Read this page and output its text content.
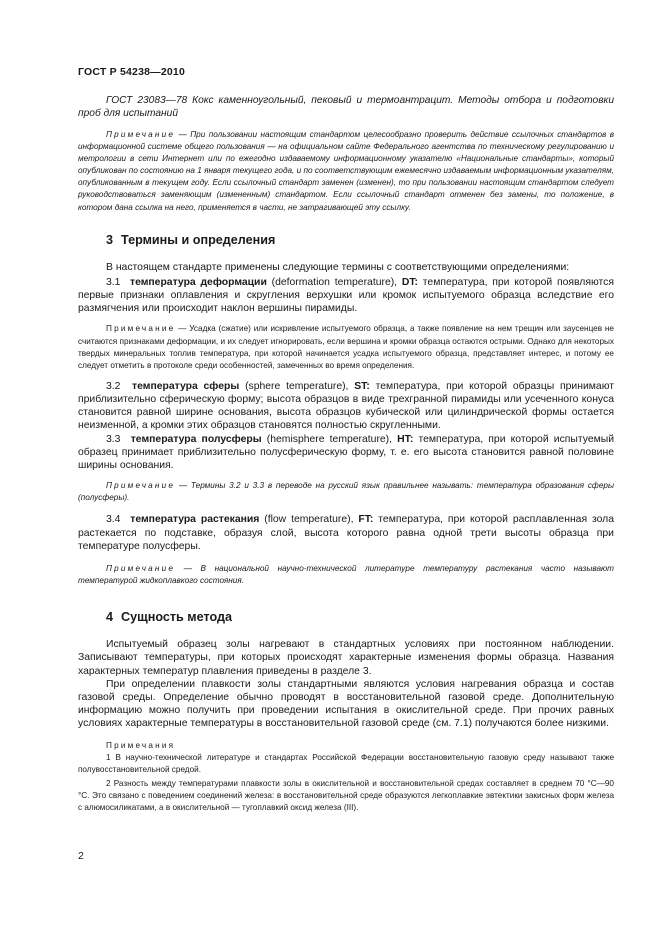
ГОСТ Р 54238—2010

ГОСТ 23083—78 Кокс каменноугольный, пековый и термоантрацит. Методы отбора и подготовки проб для испытаний

Примечание — При пользовании настоящим стандартом целесообразно проверить действие ссылочных стандартов в информационной системе общего пользования — на официальном сайте Федерального агентства по техническому регулированию и метрологии в сети Интернет или по ежегодно издаваемому информационному указателю «Национальные стандарты», который опубликован по состоянию на 1 января текущего года, и по соответствующим ежемесячно издаваемым информационным указателям, опубликованным в текущем году. Если ссылочный стандарт заменен (изменен), то при пользовании настоящим стандартом следует руководствоваться заменяющим (измененным) стандартом. Если ссылочный стандарт отменен без замены, то положение, в котором дана ссылка на него, применяется в части, не затрагивающей эту ссылку.

3 Термины и определения

В настоящем стандарте применены следующие термины с соответствующими определениями:

3.1 температура деформации (deformation temperature), DT: температура, при которой появляются первые признаки оплавления и скругления верхушки или кромок испытуемого образца вследствие его размягчения или происходит наклон вершины пирамиды.

Примечание — Усадка (сжатие) или искривление испытуемого образца, а также появление на нем трещин или заусенцев не считаются признаками деформации, и их следует игнорировать, если вершина и кромки образца остаются острыми. Однако для некоторых твердых минеральных топлив температура, при которой начинается усадка испытуемого образца, представляет интерес, и потому ее следует отметить в протоколе среди особенностей, замеченных во время определения.

3.2 температура сферы (sphere temperature), ST: температура, при которой образцы принимают приблизительно сферическую форму; высота образцов в виде трехгранной пирамиды или усеченного конуса становится равной ширине основания, высота образцов кубической или цилиндрической формы остается неизменной, а кромки этих образцов становятся полностью скругленными.

3.3 температура полусферы (hemisphere temperature), HT: температура, при которой испытуемый образец принимает приблизительно полусферическую форму, т. е. его высота становится равной половине ширины основания.

Примечание — Термины 3.2 и 3.3 в переводе на русский язык правильнее называть: температура образования сферы (полусферы).

3.4 температура растекания (flow temperature), FT: температура, при которой расплавленная зола растекается по подставке, образуя слой, высота которого равна одной трети высоты образца при температуре полусферы.

Примечание — В национальной научно-технической литературе температуру растекания часто называют температурой жидкоплавкого состояния.

4 Сущность метода

Испытуемый образец золы нагревают в стандартных условиях при постоянном наблюдении. Записывают температуры, при которых происходят характерные изменения формы образца. Названия характерных температур плавления приведены в разделе 3.

При определении плавкости золы стандартными являются условия нагревания образца и состав газовой среды. Определение обычно проводят в восстановительной газовой среде. Дополнительную информацию можно получить при проведении испытания в окислительной среде. При прочих равных условиях характерные температуры в восстановительной газовой среде (см. 7.1) получаются более низкими.

Примечания

1 В научно-технической литературе и стандартах Российской Федерации восстановительную газовую среду называют также полувосстановительной средой.

2 Разность между температурами плавкости золы в окислительной и восстановительной средах составляет в среднем 70 °С—90 °С. Это связано с поведением соединений железа: в восстановительной среде образуются легкоплавкие эвтектики закисных форм железа с алюмосиликатами, а в окислительной — тугоплавкий оксид железа (III).

2
